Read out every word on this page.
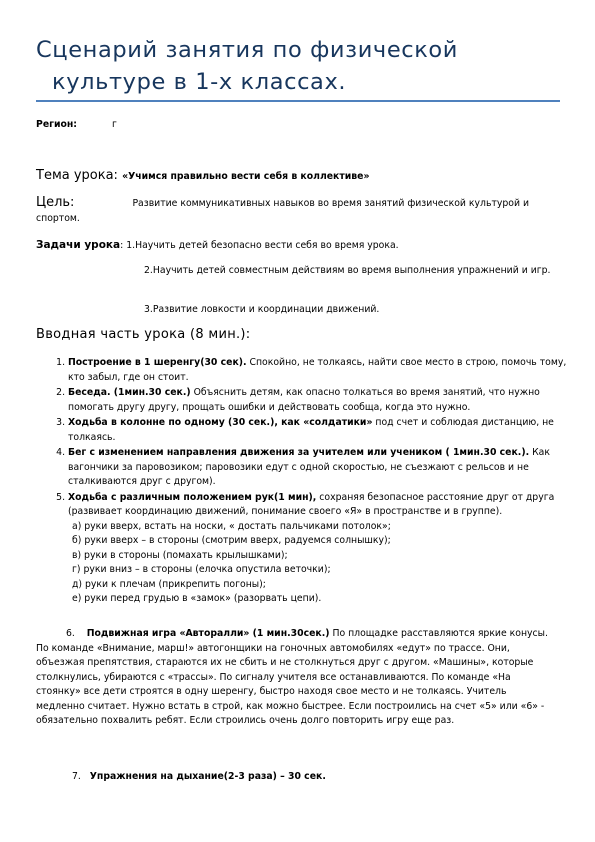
Сценарий занятия по физической
культуре в 1-х классах.
Регион:	г
Тема урока: «Учимся правильно вести себя в коллективе»
Цель:	Развитие коммуникативных навыков во время занятий физической культурой и спортом.
Задачи урока: 1.Научить детей безопасно вести себя во время урока.
2.Научить детей совместным действиям во время выполнения упражнений и игр.
3.Развитие ловкости и координации движений.
Вводная часть урока (8 мин.):
1. Построение в 1 шеренгу(30 сек). Спокойно, не толкаясь, найти свое место в строю, помочь тому, кто забыл, где он стоит.
2. Беседа. (1мин.30 сек.) Объяснить детям, как опасно толкаться во время занятий, что нужно помогать другу другу, прощать ошибки и действовать сообща, когда это нужно.
3. Ходьба в колонне по одному (30 сек.), как «солдатики» под счет и соблюдая дистанцию, не толкаясь.
4. Бег с изменением направления движения за учителем или учеником ( 1мин.30 сек.). Как вагончики за паровозиком; паровозики едут с одной скоростью, не съезжают с рельсов и не сталкиваются друг с другом).
5. Ходьба с различным положением рук(1 мин), сохраняя безопасное расстояние друг от друга (развивает координацию движений, понимание своего «Я» в пространстве и в группе).
а) руки вверх, встать на носки, « достать пальчиками потолок»;
б) руки вверх – в стороны (смотрим вверх, радуемся солнышку);
в) руки в стороны (помахать крылышками);
г) руки вниз – в стороны (елочка опустила веточки);
д) руки к плечам (прикрепить погоны);
е) руки перед грудью в «замок» (разорвать цепи).
6. Подвижная игра «Авторалли» (1 мин.30сек.) По площадке расставляются яркие конусы. По команде «Внимание, марш!» автогонщики на гоночных автомобилях «едут» по трассе. Они, объезжая препятствия, стараются их не сбить и не столкнуться друг с другом. «Машины», которые столкнулись, убираются с «трассы». По сигналу учителя все останавливаются. По команде «На стоянку» все дети строятся в одну шеренгу, быстро находя свое место и не толкаясь. Учитель медленно считает. Нужно встать в строй, как можно быстрее. Если построились на счет «5» или «6» - обязательно похвалить ребят. Если строились очень долго повторить игру еще раз.
7. Упражнения на дыхание(2-3 раза) – 30 сек.
